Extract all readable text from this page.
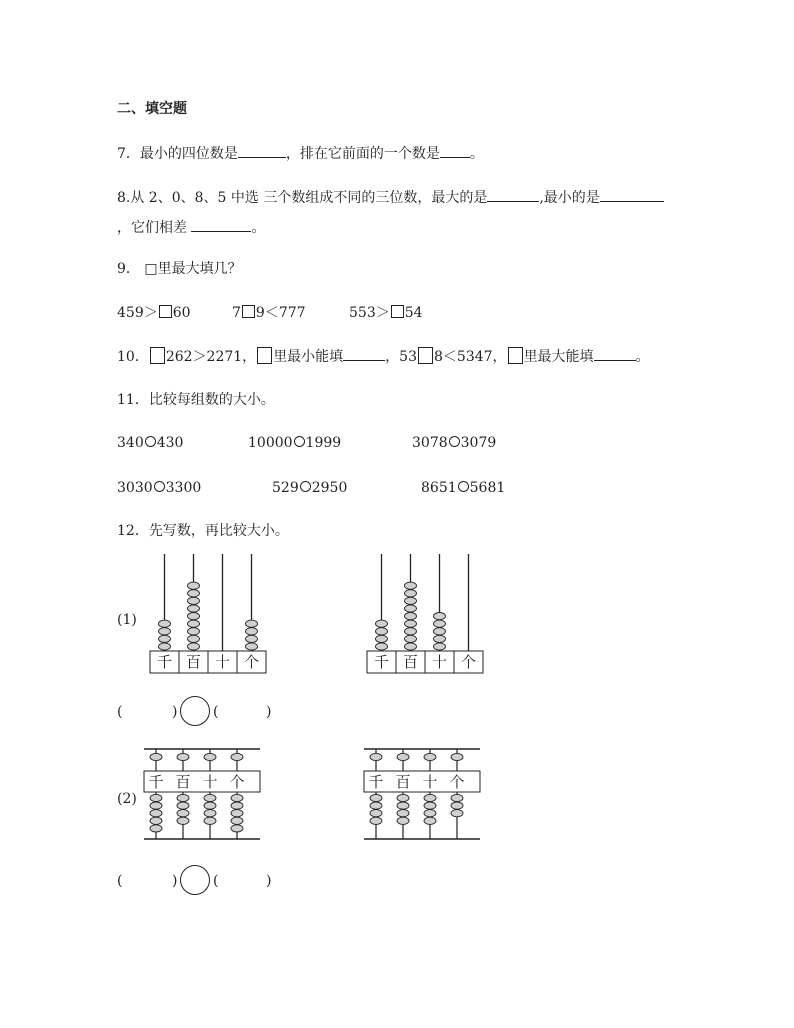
二、填空题
7．最小的四位数是	，排在它前面的一个数是 。
8.从 2、0、8、5 中选 三个数组成不同的三位数，最大的是	,最小的是
，它们相差	。
9． □里最大填几？
459＞ 60	7 9＜777	553＞ 54
10． 262＞2271， 里最小能填	，53 8＜5347， 里最大能填	。
11．比较每组数的大小。
340 430	10000 1999	3078 3079
3030 3300	529 2950	8651 5681
12．先写数，再比较大小。
(1)
(2)
(	)	(	)
(	)	(	)
千 百 十 个	千 百 十 个
千 百 十 个	千 百 十 个
